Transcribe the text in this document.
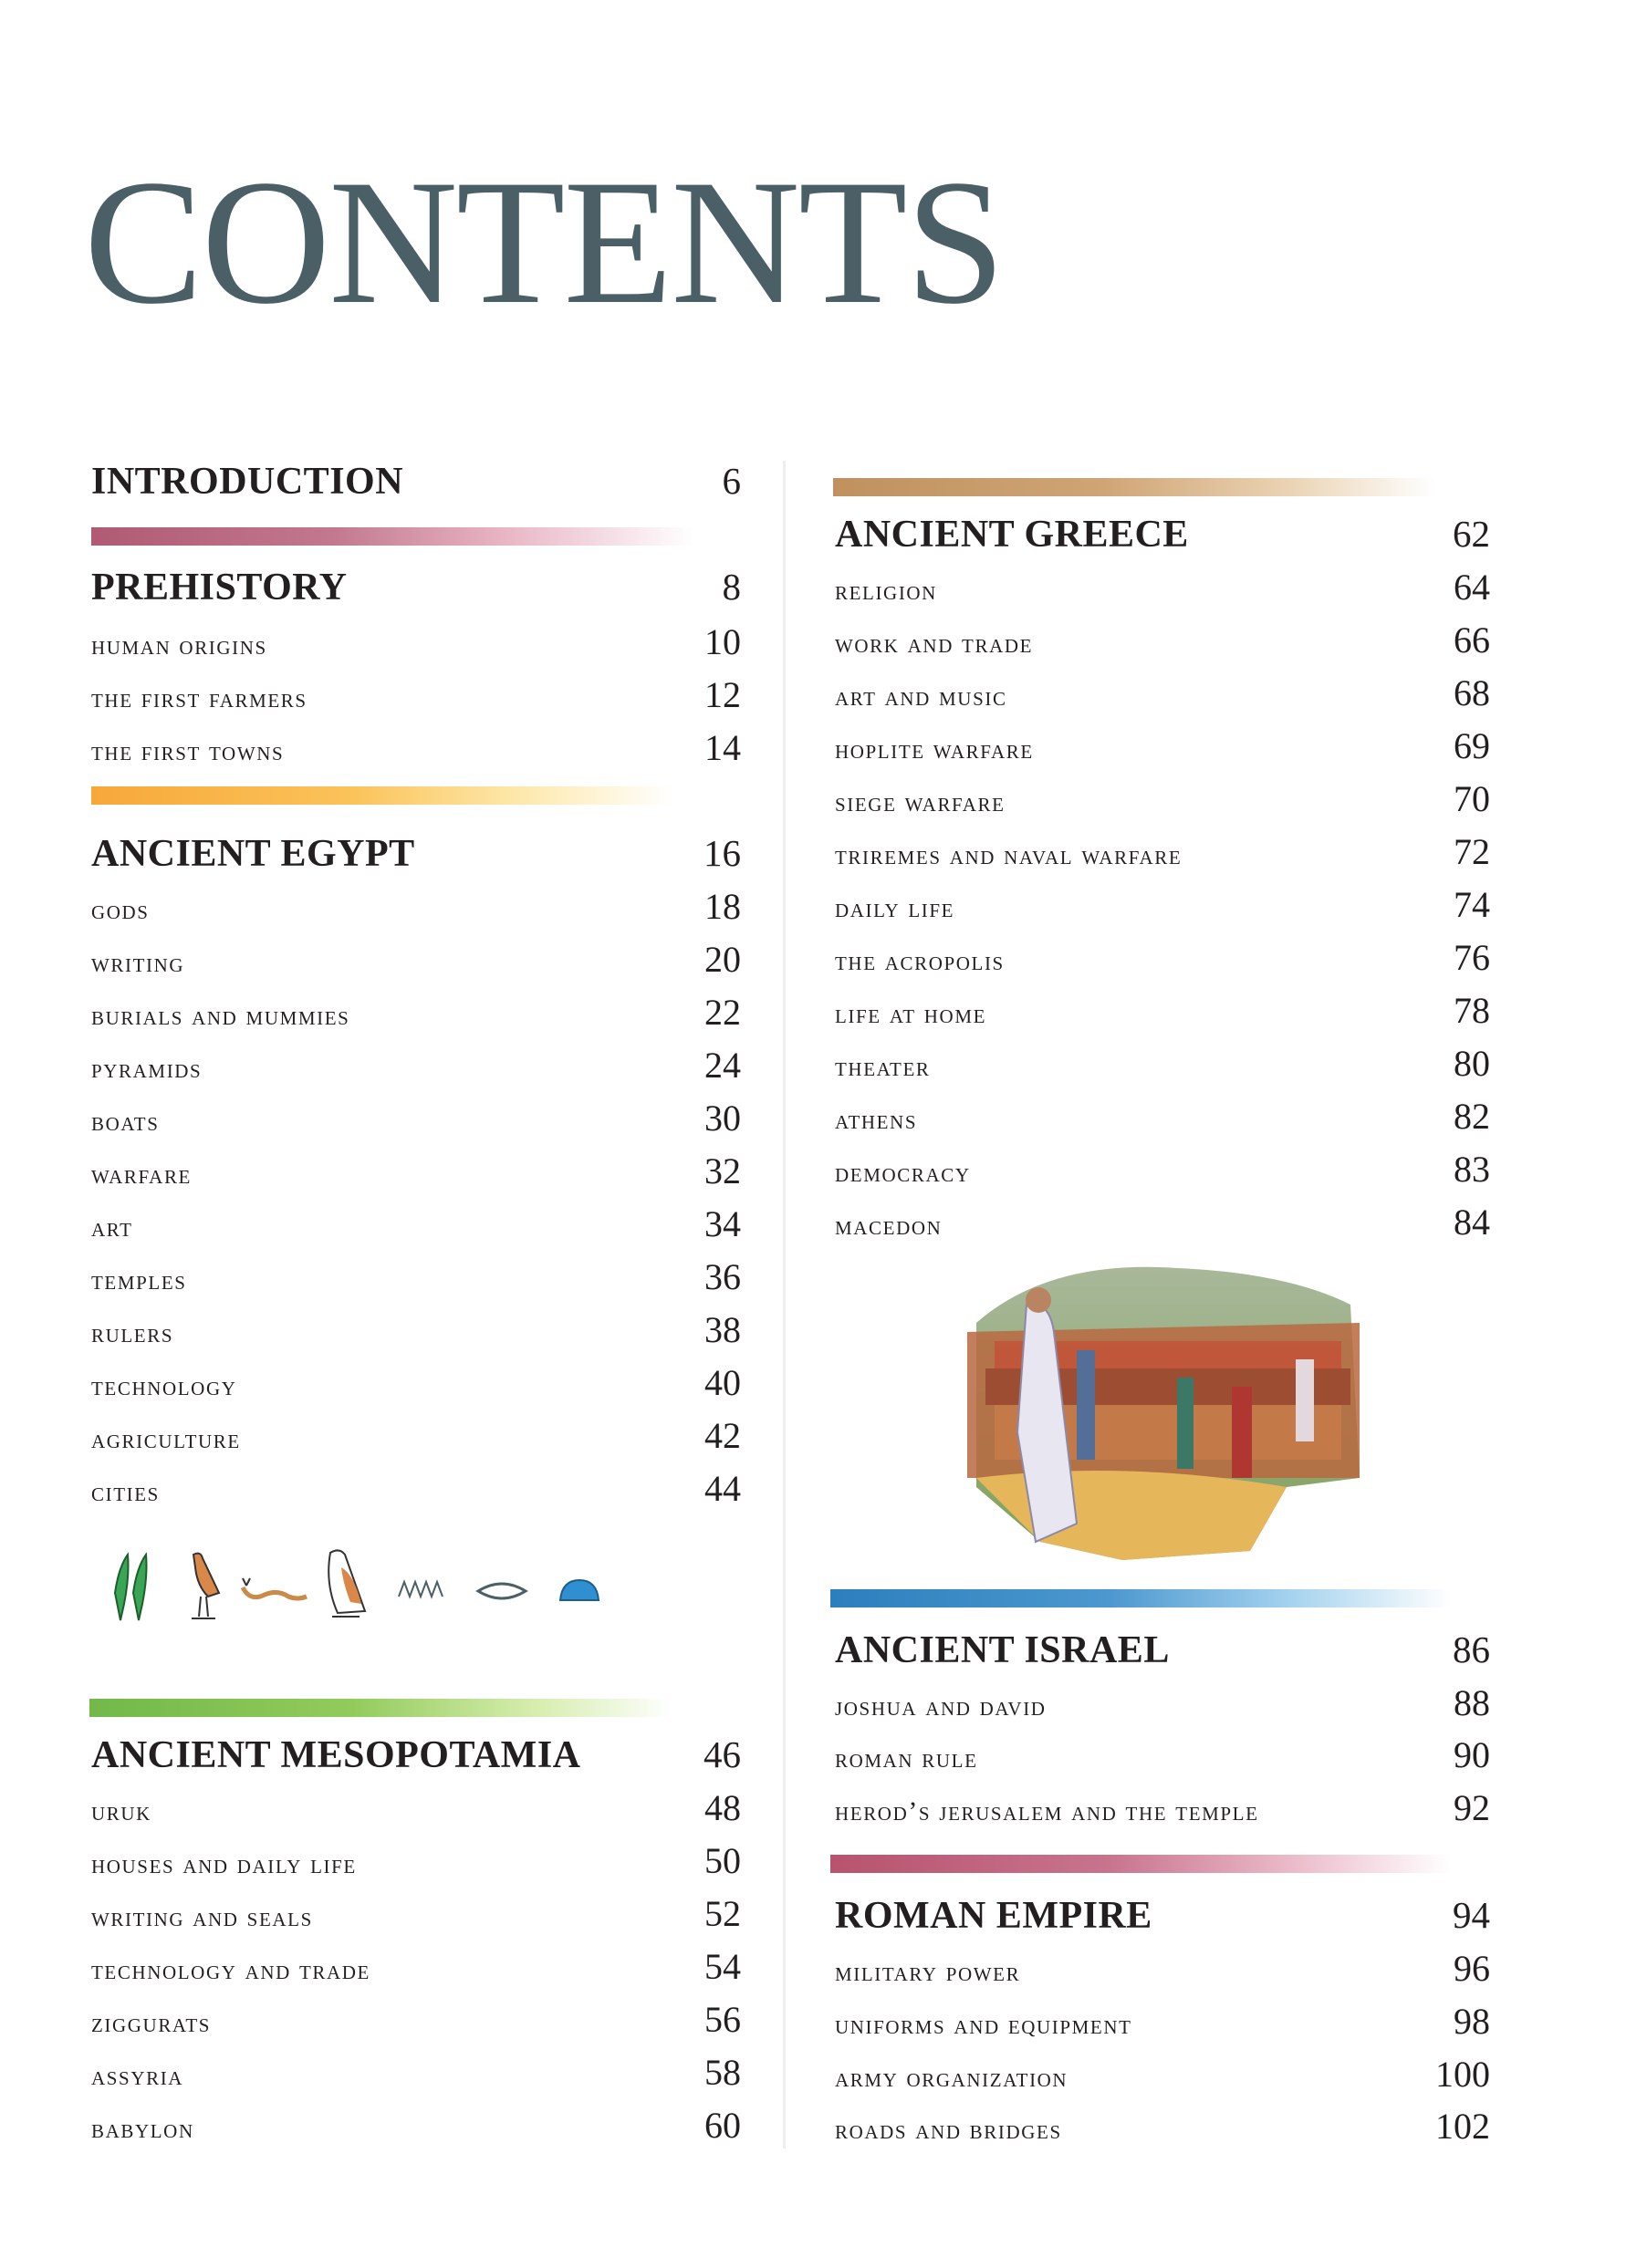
CONTENTS
INTRODUCTION	6
PREHISTORY	8
human origins	10
the first farmers	12
the first towns	14
ANCIENT EGYPT	16
gods	18
writing	20
burials and mummies	22
pyramids	24
boats	30
warfare	32
art	34
temples	36
rulers	38
technology	40
agriculture	42
cities	44
ANCIENT MESOPOTAMIA	46
uruk	48
houses and daily life	50
writing and seals	52
technology and trade	54
ziggurats	56
assyria	58
babylon	60
ANCIENT GREECE	62
religion	64
work and trade	66
art and music	68
hoplite warfare	69
siege warfare	70
triremes and naval warfare	72
daily life	74
the acropolis	76
life at home	78
theater	80
athens	82
democracy	83
macedon	84
ANCIENT ISRAEL	86
joshua and david	88
roman rule	90
herod’s jerusalem and the temple	92
ROMAN EMPIRE	94
military power	96
uniforms and equipment	98
army organization	100
roads and bridges	102
